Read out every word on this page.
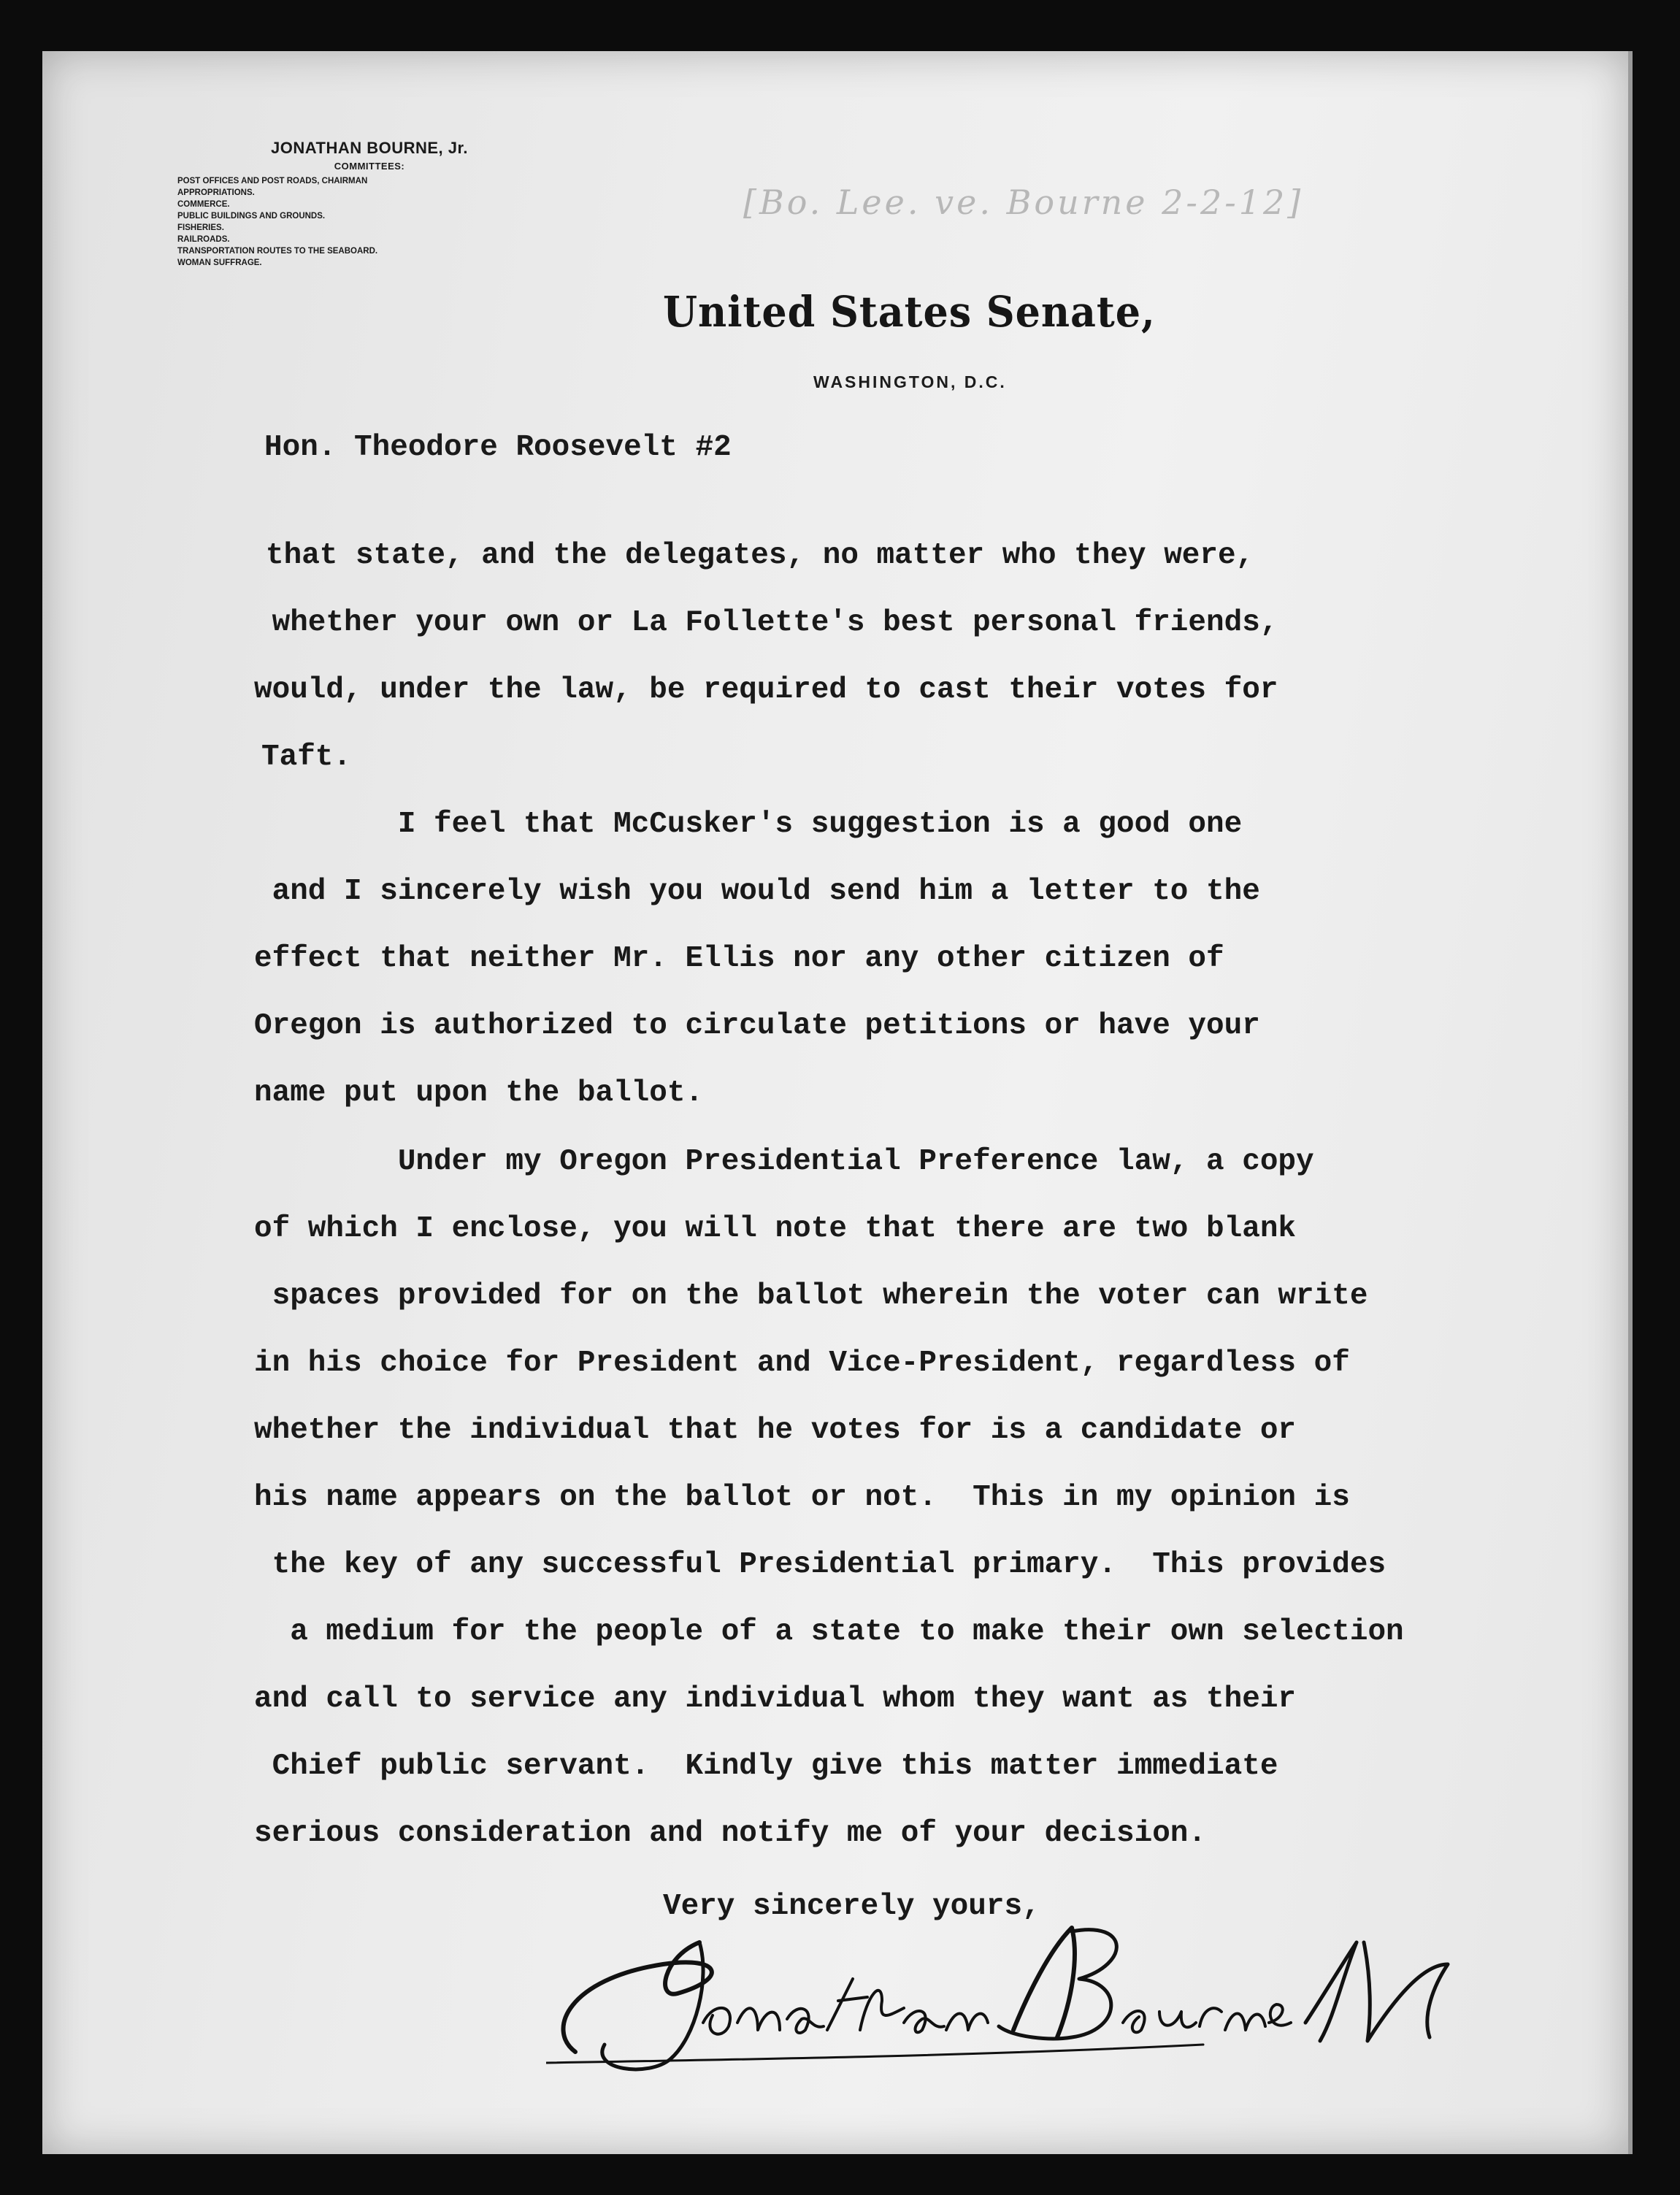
JONATHAN BOURNE, Jr.
COMMITTEES:
POST OFFICES AND POST ROADS, CHAIRMAN
APPROPRIATIONS.
COMMERCE.
PUBLIC BUILDINGS AND GROUNDS.
FISHERIES.
RAILROADS.
TRANSPORTATION ROUTES TO THE SEABOARD.
WOMAN SUFFRAGE.
[Bo. Lee. ve. Bourne 2-2-12]
United States Senate,
WASHINGTON, D.C.
Hon. Theodore Roosevelt #2
that state, and the delegates, no matter who they were,
whether your own or La Follette's best personal friends,
would, under the law, be required to cast their votes for
Taft.
I feel that McCusker's suggestion is a good one
and I sincerely wish you would send him a letter to the
effect that neither Mr. Ellis nor any other citizen of
Oregon is authorized to circulate petitions or have your
name put upon the ballot.
Under my Oregon Presidential Preference law, a copy
of which I enclose, you will note that there are two blank
spaces provided for on the ballot wherein the voter can write
in his choice for President and Vice-President, regardless of
whether the individual that he votes for is a candidate or
his name appears on the ballot or not.  This in my opinion is
the key of any successful Presidential primary.  This provides
a medium for the people of a state to make their own selection
and call to service any individual whom they want as their
Chief public servant.  Kindly give this matter immediate
serious consideration and notify me of your decision.
Very sincerely yours,
